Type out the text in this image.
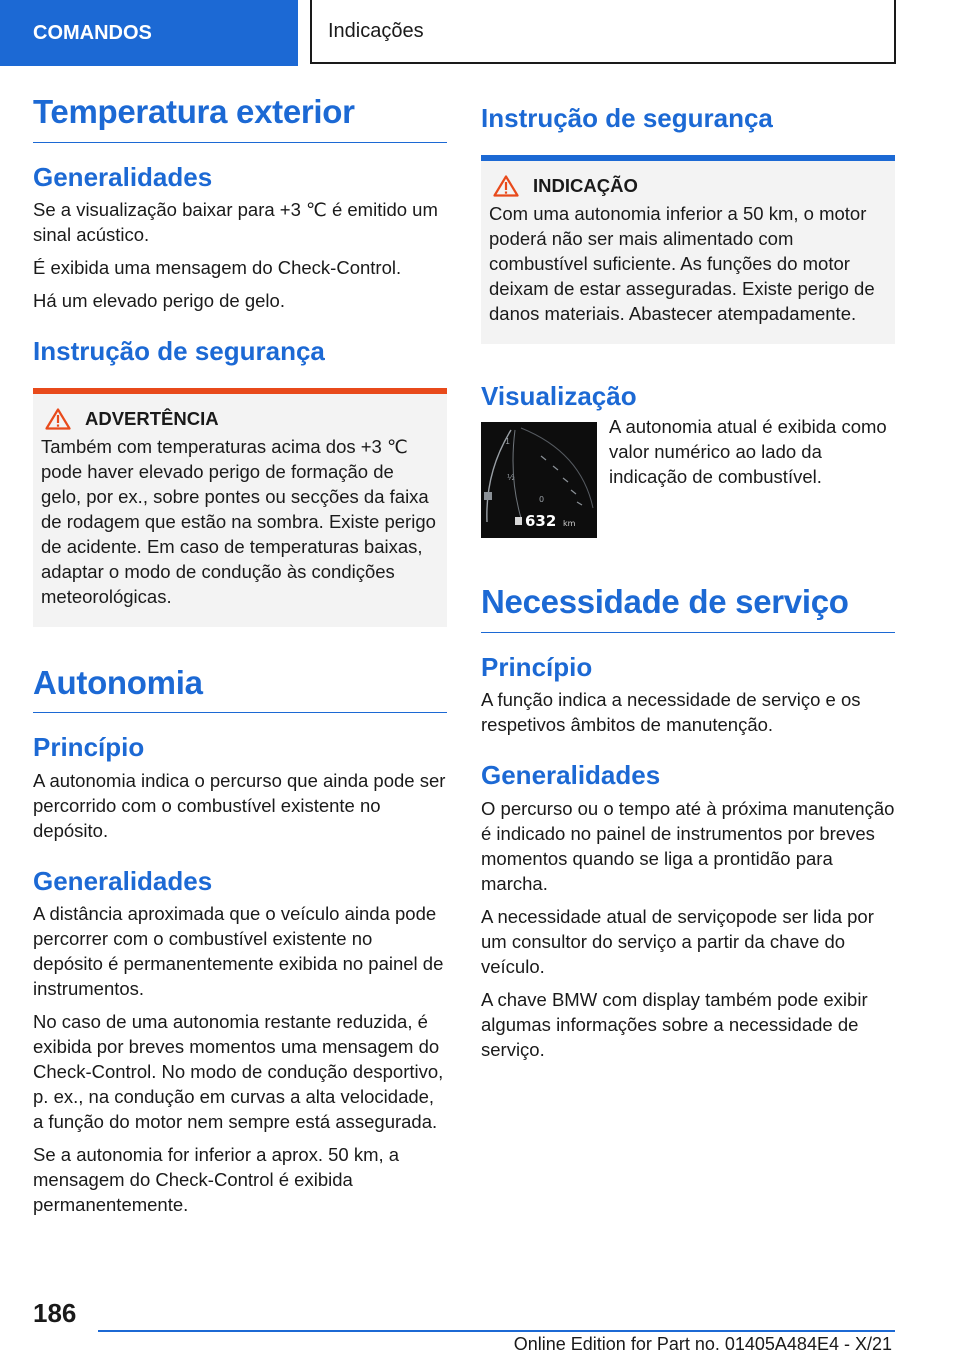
COMANDOS	Indicações
Temperatura exterior
Generalidades

Se a visualização baixar para +3 ℃ é emitido um sinal acústico.

É exibida uma mensagem do Check-Control.

Há um elevado perigo de gelo.

Instrução de segurança
ADVERTÊNCIA

Também com temperaturas acima dos +3 ℃ pode haver elevado perigo de formação de gelo, por ex., sobre pontes ou secções da faixa de rodagem que estão na sombra. Existe perigo de acidente. Em caso de temperaturas baixas, adaptar o modo de condução às condições meteorológicas.

Autonomia
Princípio

A autonomia indica o percurso que ainda pode ser percorrido com o combustível existente no depósito.

Generalidades

A distância aproximada que o veículo ainda pode percorrer com o combustível existente no depósito é permanentemente exibida no painel de instrumentos.

No caso de uma autonomia restante reduzida, é exibida por breves momentos uma mensagem do Check-Control. No modo de condução desportivo, p. ex., na condução em curvas a alta velocidade, a função do motor nem sempre está assegurada.

Se a autonomia for inferior a aprox. 50 km, a mensagem do Check-Control é exibida permanentemente.

Instrução de segurança
INDICAÇÃO

Com uma autonomia inferior a 50 km, o motor poderá não ser mais alimentado com combustível suficiente. As funções do motor deixam de estar asseguradas. Existe perigo de danos materiais. Abastecer atempadamente.

Visualização
1
½
0
632 km

A autonomia atual é exibida como valor numérico ao lado da indicação de combustível.

Necessidade de serviço
Princípio

A função indica a necessidade de serviço e os respetivos âmbitos de manutenção.

Generalidades

O percurso ou o tempo até à próxima manutenção é indicado no painel de instrumentos por breves momentos quando se liga a prontidão para marcha.

A necessidade atual de serviçopode ser lida por um consultor do serviço a partir da chave do veículo.

A chave BMW com display também pode exibir algumas informações sobre a necessidade de serviço.

186
Online Edition for Part no. 01405A484E4 - X/21
